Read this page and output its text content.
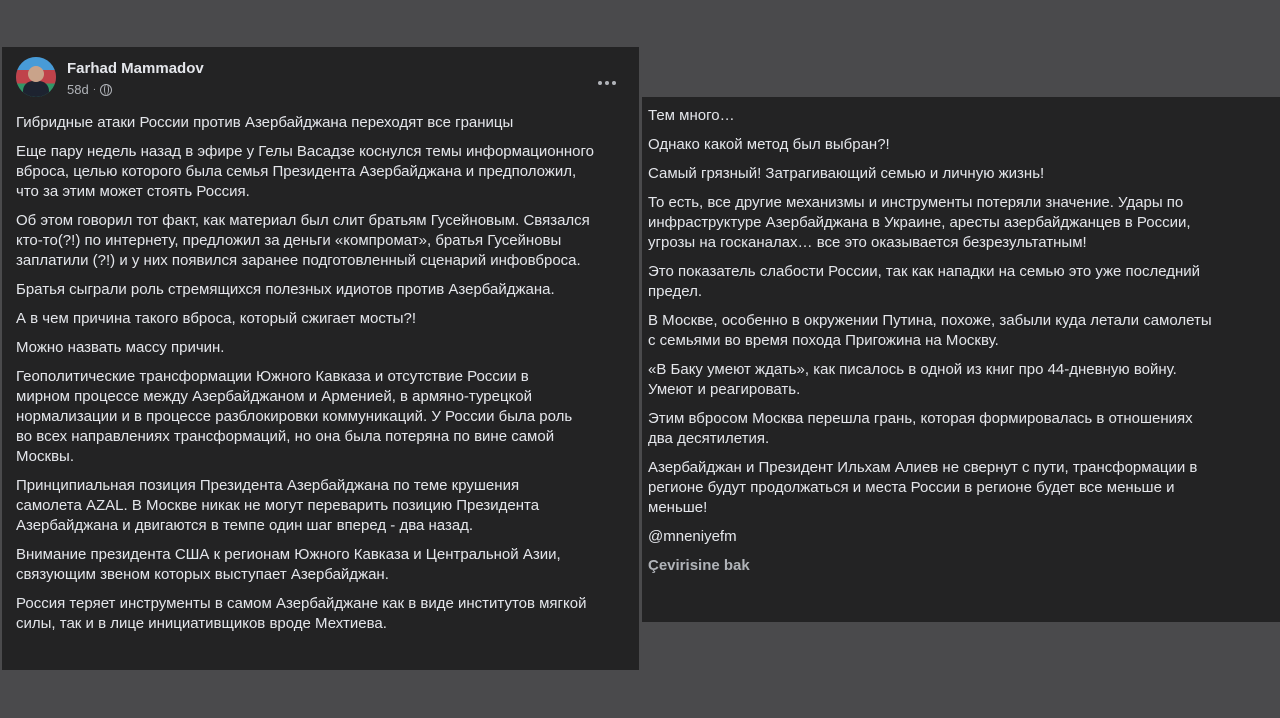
Farhad Mammadov
58d ·

Гибридные атаки России против Азербайджана переходят все границы

Еще пару недель назад в эфире у Гелы Васадзе коснулся темы информационного
вброса, целью которого была семья Президента Азербайджана и предположил,
что за этим может стоять Россия.

Об этом говорил тот факт, как материал был слит братьям Гусейновым. Связался
кто-то(?!) по интернету, предложил за деньги «компромат», братья Гусейновы
заплатили (?!) и у них появился заранее подготовленный сценарий инфовброса.

Братья сыграли роль стремящихся полезных идиотов против Азербайджана.

А в чем причина такого вброса, который сжигает мосты?!

Можно назвать массу причин.

Геополитические трансформации Южного Кавказа и отсутствие России в
мирном процессе между Азербайджаном и Арменией, в армяно-турецкой
нормализации и в процессе разблокировки коммуникаций. У России была роль
во всех направлениях трансформаций, но она была потеряна по вине самой
Москвы.

Принципиальная позиция Президента Азербайджана по теме крушения
самолета AZAL. В Москве никак не могут переварить позицию Президента
Азербайджана и двигаются в темпе один шаг вперед - два назад.

Внимание президента США к регионам Южного Кавказа и Центральной Азии,
связующим звеном которых выступает Азербайджан.

Россия теряет инструменты в самом Азербайджане как в виде институтов мягкой
силы, так и в лице инициативщиков вроде Мехтиева.

Тем много…

Однако какой метод был выбран?!

Самый грязный! Затрагивающий семью и личную жизнь!

То есть, все другие механизмы и инструменты потеряли значение. Удары по
инфраструктуре Азербайджана в Украине, аресты азербайджанцев в России,
угрозы на госканалах… все это оказывается безрезультатным!

Это показатель слабости России, так как нападки на семью это уже последний
предел.

В Москве, особенно в окружении Путина, похоже, забыли куда летали самолеты
с семьями во время похода Пригожина на Москву.

«В Баку умеют ждать», как писалось в одной из книг про 44-дневную войну.
Умеют и реагировать.

Этим вбросом Москва перешла грань, которая формировалась в отношениях
два десятилетия.

Азербайджан и Президент Ильхам Алиев не свернут с пути, трансформации в
регионе будут продолжаться и места России в регионе будет все меньше и
меньше!

@mneniyefm

Çevirisine bak
